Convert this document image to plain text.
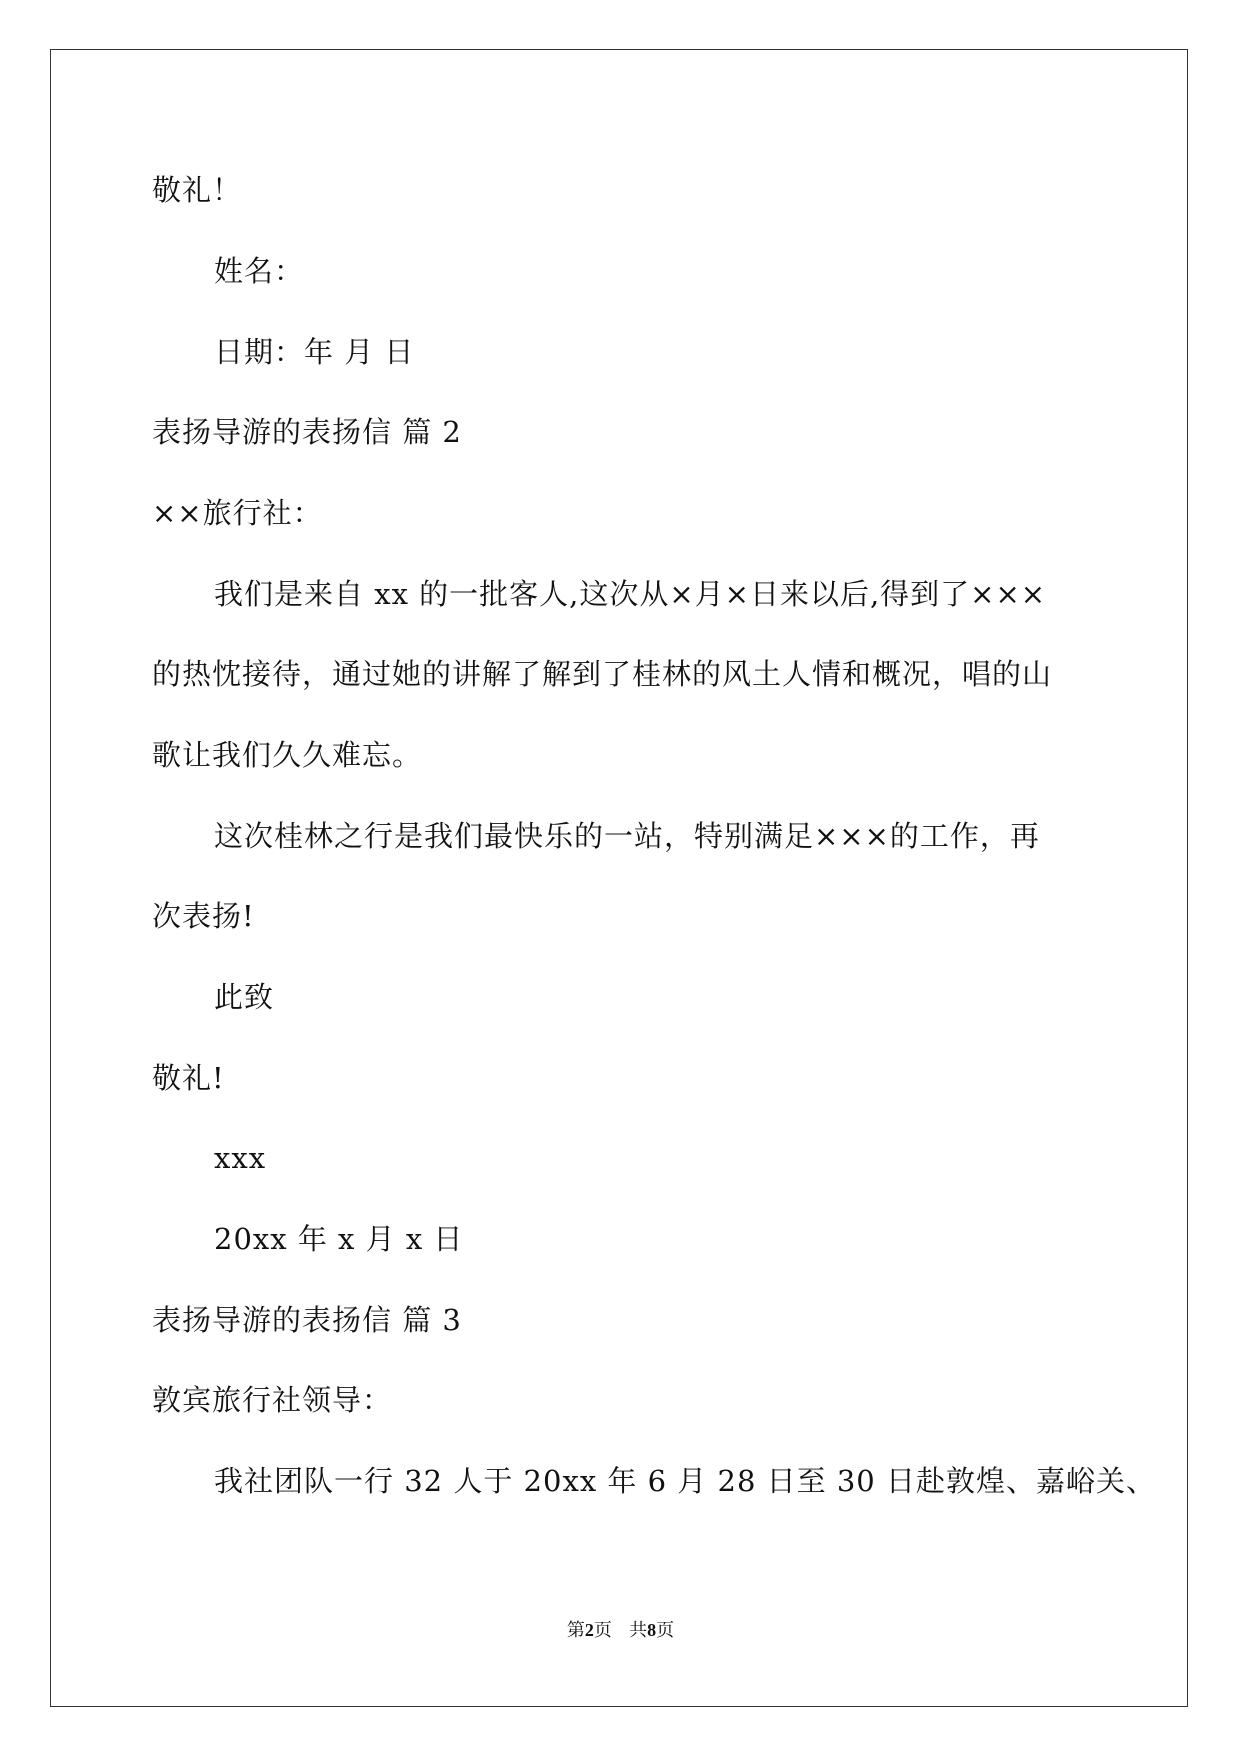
敬礼！
姓名：
日期：年 月 日
表扬导游的表扬信 篇 2
××旅行社：
我们是来自 xx 的一批客人,这次从×月×日来以后,得到了×××
的热忱接待，通过她的讲解了解到了桂林的风土人情和概况，唱的山
歌让我们久久难忘。
这次桂林之行是我们最快乐的一站，特别满足×××的工作，再
次表扬!
此致
敬礼!
xxx
20xx 年 x 月 x 日
表扬导游的表扬信 篇 3
敦宾旅行社领导：
我社团队一行 32 人于 20xx 年 6 月 28 日至 30 日赴敦煌、嘉峪关、
第2页 共8页
